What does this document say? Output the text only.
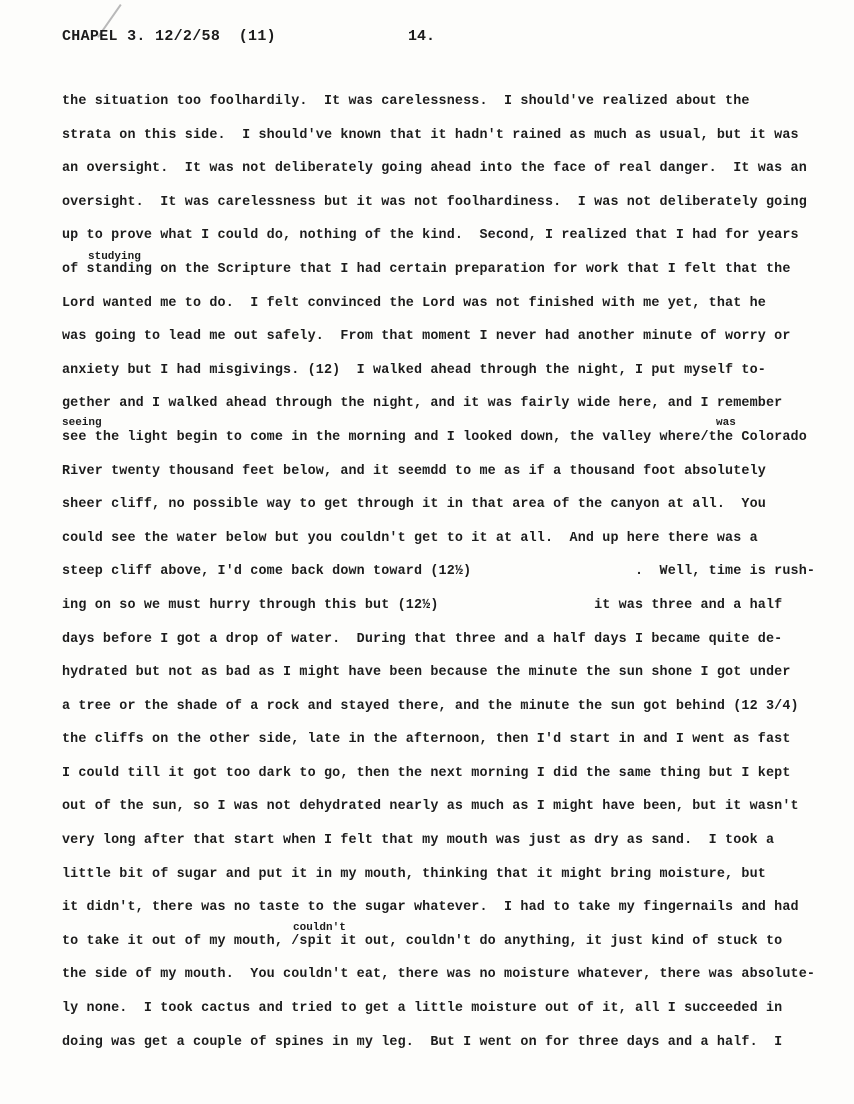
CHAPEL 3. 12/2/58  (11)	14.
studying
seeing	was
couldn't
the situation too foolhardily.  It was carelessness.  I should've realized about the
strata on this side.  I should've known that it hadn't rained as much as usual, but it was
an oversight.  It was not deliberately going ahead into the face of real danger.  It was an
oversight.  It was carelessness but it was not foolhardiness.  I was not deliberately going
up to prove what I could do, nothing of the kind.  Second, I realized that I had for years
of standing on the Scripture that I had certain preparation for work that I felt that the
Lord wanted me to do.  I felt convinced the Lord was not finished with me yet, that he
was going to lead me out safely.  From that moment I never had another minute of worry or
anxiety but I had misgivings. (12)  I walked ahead through the night, I put myself to-
gether and I walked ahead through the night, and it was fairly wide here, and I remember
see the light begin to come in the morning and I looked down, the valley where/the Colorado
River twenty thousand feet below, and it seemdd to me as if a thousand foot absolutely
sheer cliff, no possible way to get through it in that area of the canyon at all.  You
could see the water below but you couldn't get to it at all.  And up here there was a
steep cliff above, I'd come back down toward (12½)                    .  Well, time is rush-
ing on so we must hurry through this but (12½)                   it was three and a half
days before I got a drop of water.  During that three and a half days I became quite de-
hydrated but not as bad as I might have been because the minute the sun shone I got under
a tree or the shade of a rock and stayed there, and the minute the sun got behind (12 3/4)
the cliffs on the other side, late in the afternoon, then I'd start in and I went as fast
I could till it got too dark to go, then the next morning I did the same thing but I kept
out of the sun, so I was not dehydrated nearly as much as I might have been, but it wasn't
very long after that start when I felt that my mouth was just as dry as sand.  I took a
little bit of sugar and put it in my mouth, thinking that it might bring moisture, but
it didn't, there was no taste to the sugar whatever.  I had to take my fingernails and had
to take it out of my mouth, /spit it out, couldn't do anything, it just kind of stuck to
the side of my mouth.  You couldn't eat, there was no moisture whatever, there was absolute-
ly none.  I took cactus and tried to get a little moisture out of it, all I succeeded in
doing was get a couple of spines in my leg.  But I went on for three days and a half.  I
